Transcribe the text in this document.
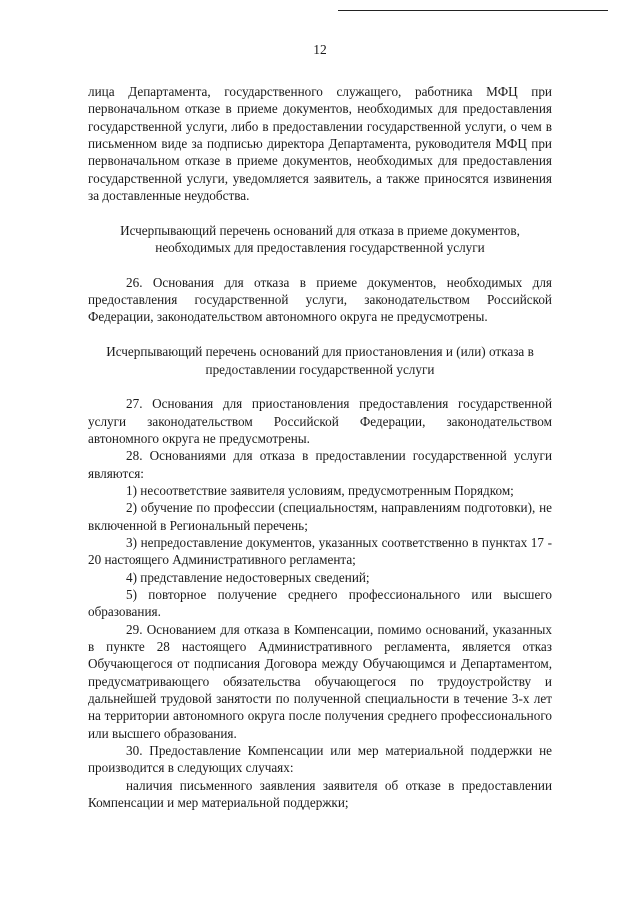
12

лица Департамента, государственного служащего, работника МФЦ при первоначальном отказе в приеме документов, необходимых для предоставления государственной услуги, либо в предоставлении государственной услуги, о чем в письменном виде за подписью директора Департамента, руководителя МФЦ при первоначальном отказе в приеме документов, необходимых для предоставления государственной услуги, уведомляется заявитель, а также приносятся извинения за доставленные неудобства.

Исчерпывающий перечень оснований для отказа в приеме документов, необходимых для предоставления государственной услуги

26. Основания для отказа в приеме документов, необходимых для предоставления государственной услуги, законодательством Российской Федерации, законодательством автономного округа не предусмотрены.

Исчерпывающий перечень оснований для приостановления и (или) отказа в предоставлении государственной услуги

27. Основания для приостановления предоставления государственной услуги законодательством Российской Федерации, законодательством автономного округа не предусмотрены.

28. Основаниями для отказа в предоставлении государственной услуги являются:

1) несоответствие заявителя условиям, предусмотренным Порядком;

2) обучение по профессии (специальностям, направлениям подготовки), не включенной в Региональный перечень;

3) непредоставление документов, указанных соответственно в пунктах 17 - 20 настоящего Административного регламента;

4) представление недостоверных сведений;

5) повторное получение среднего профессионального или высшего образования.

29. Основанием для отказа в Компенсации, помимо оснований, указанных в пункте 28 настоящего Административного регламента, является отказ Обучающегося от подписания Договора между Обучающимся и Департаментом, предусматривающего обязательства обучающегося по трудоустройству и дальнейшей трудовой занятости по полученной специальности в течение 3-х лет на территории автономного округа после получения среднего профессионального или высшего образования.

30. Предоставление Компенсации или мер материальной поддержки не производится в следующих случаях:

наличия письменного заявления заявителя об отказе в предоставлении Компенсации и мер материальной поддержки;
